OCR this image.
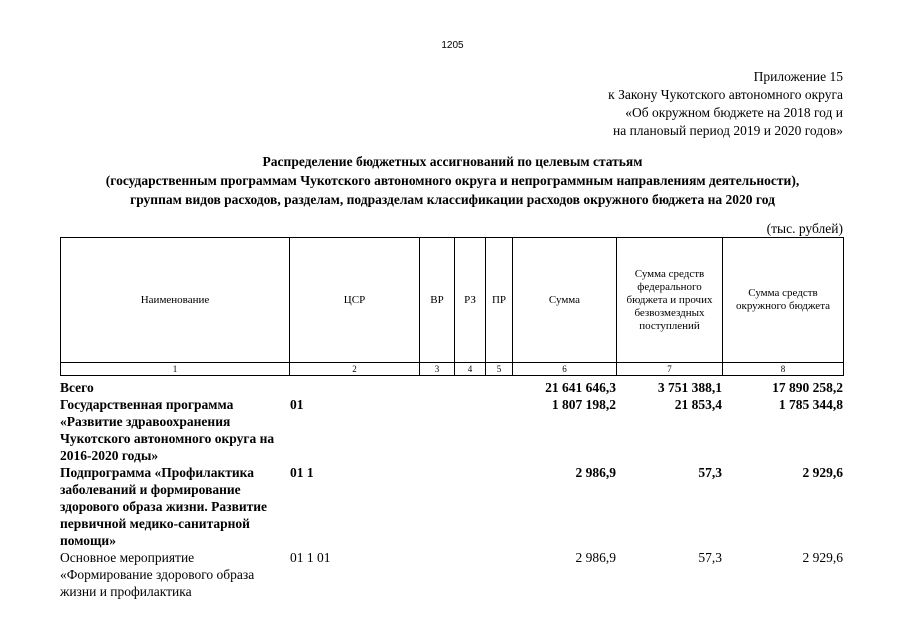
1205
Приложение 15
к Закону Чукотского автономного округа
«Об окружном бюджете на 2018 год и
на плановый период 2019 и 2020 годов»
Распределение бюджетных ассигнований по целевым статьям
(государственным программам Чукотского автономного округа и непрограммным направлениям деятельности),
группам видов расходов, разделам, подразделам классификации расходов окружного бюджета на 2020 год
(тыс. рублей)
Наименование	ЦСР	ВР	РЗ	ПР	Сумма	Сумма средств федерального бюджета и прочих безвозмездных поступлений	Сумма средств окружного бюджета
1	2	3	4	5	6	7	8
Всего					21 641 646,3	3 751 388,1	17 890 258,2
Государственная программа «Развитие здравоохранения Чукотского автономного округа на 2016-2020 годы»	01				1 807 198,2	21 853,4	1 785 344,8
Подпрограмма «Профилактика заболеваний и формирование здорового образа жизни. Развитие первичной медико-санитарной помощи»	01 1				2 986,9	57,3	2 929,6
Основное мероприятие «Формирование здорового образа жизни и профилактика	01 1 01				2 986,9	57,3	2 929,6
